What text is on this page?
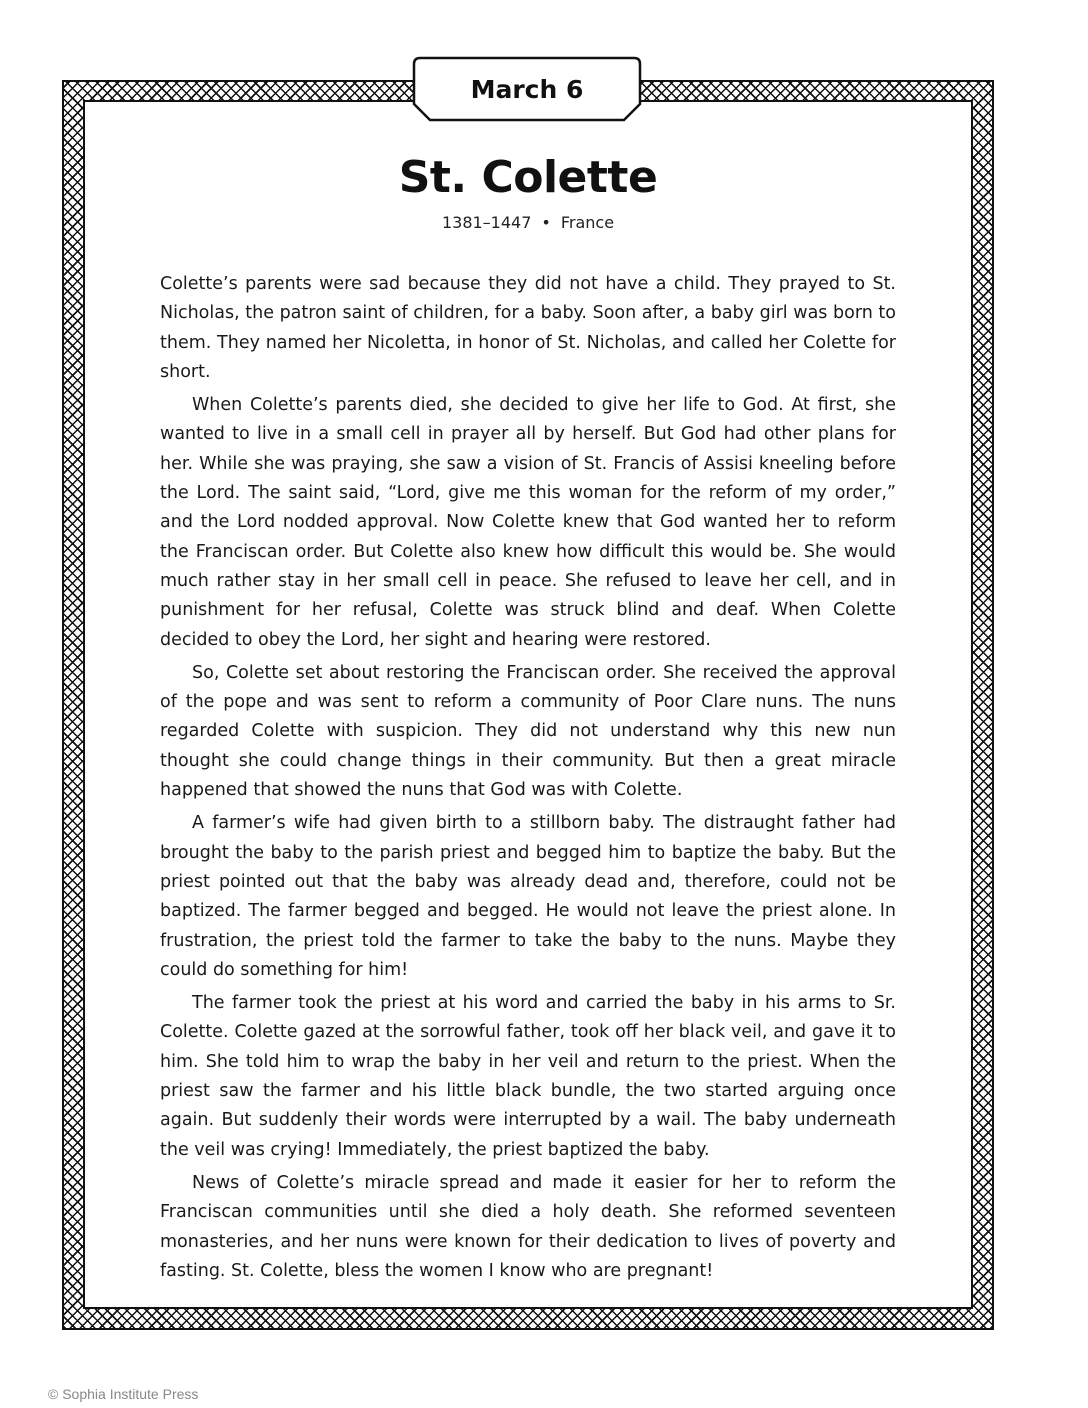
March 6
St. Colette
1381–1447 • France

Colette’s parents were sad because they did not have a child. They prayed to St. Nicholas, the patron saint of children, for a baby. Soon after, a baby girl was born to them. They named her Nicoletta, in honor of St. Nicholas, and called her Colette for short.

When Colette’s parents died, she decided to give her life to God. At first, she wanted to live in a small cell in prayer all by herself. But God had other plans for her. While she was praying, she saw a vision of St. Francis of Assisi kneeling before the Lord. The saint said, “Lord, give me this woman for the reform of my order,” and the Lord nodded approval. Now Colette knew that God wanted her to reform the Franciscan order. But Colette also knew how difficult this would be. She would much rather stay in her small cell in peace. She refused to leave her cell, and in punishment for her refusal, Colette was struck blind and deaf. When Colette decided to obey the Lord, her sight and hearing were restored.

So, Colette set about restoring the Franciscan order. She received the approval of the pope and was sent to reform a community of Poor Clare nuns. The nuns regarded Colette with suspicion. They did not understand why this new nun thought she could change things in their community. But then a great miracle happened that showed the nuns that God was with Colette.

A farmer’s wife had given birth to a stillborn baby. The distraught father had brought the baby to the parish priest and begged him to baptize the baby. But the priest pointed out that the baby was already dead and, therefore, could not be baptized. The farmer begged and begged. He would not leave the priest alone. In frustration, the priest told the farmer to take the baby to the nuns. Maybe they could do something for him!

The farmer took the priest at his word and carried the baby in his arms to Sr. Colette. Colette gazed at the sorrowful father, took off her black veil, and gave it to him. She told him to wrap the baby in her veil and return to the priest. When the priest saw the farmer and his little black bundle, the two started arguing once again. But suddenly their words were interrupted by a wail. The baby underneath the veil was crying! Immediately, the priest baptized the baby.

News of Colette’s miracle spread and made it easier for her to reform the Franciscan communities until she died a holy death. She reformed seventeen monasteries, and her nuns were known for their dedication to lives of poverty and fasting. St. Colette, bless the women I know who are pregnant!

© Sophia Institute Press
